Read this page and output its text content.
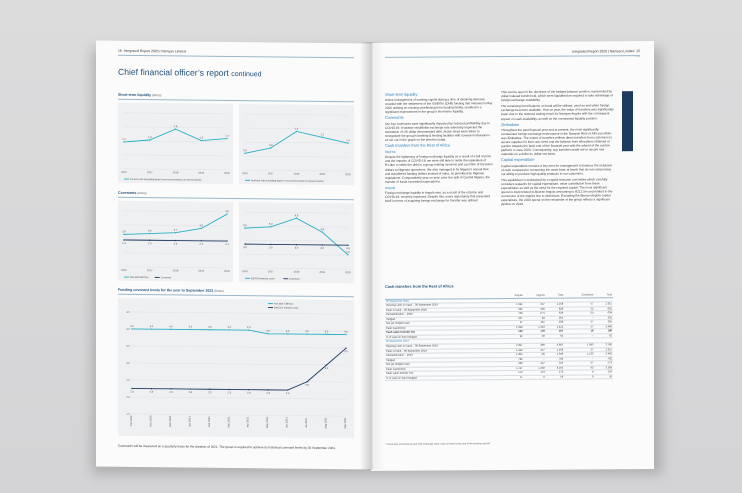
16 Integrated Report 2020 | Namyan Limited
Chief financial officer’s report continued
Short-term liquidity (times)
2016	2017	2018	2019	2020
1.2
1.3
1.8
1.3
1.4
Current ratio excluding liquid / non-current portion of reserve basins
2016	2017	2018	2019	2020
0.6
0.8
1.4
1.2
1.0
Acid test ratio excluding liquid / non-current portion of reserve basins
Covenants (times)
2016	2017	2018	2019	2020
2.9	3.0	3.1
3.5
4.8
2.4	2.4	2.4	2.4	2.4
Net debt:EBITDA	Covenant
2016	2017	2018	2019	2020
5.0	5.2
6.3
4.6
1.8
3.0	3.0	3.0	3.0	3.0
EBITDA:interest cover	Covenant
Funding covenant levels for the year to September 2021 (times)
1.5
2.0
2.5
3.0
3.5
4.0
4.5
Oct 2020	Nov 2020	Dec 2020	Jan 2021	Feb 2021	Mar 2021	Apr 2021	May 2021	Jun 2021	Jul 2021	Aug 2021	Sep 2021
4.0	4.0	4.0	4.0	4.0	4.0	4.0
3.9	3.9	3.9	3.9	3.9
2.3	2.3	2.3	2.3	2.3	2.3	2.3	2.3	2.3
2.5
3.0
3.5
Net debt: EBITDA
EBITDA: interest cover
Covenants will be measured on a quarterly basis for the duration of 2021. The group is required to achieve its historical covenant levels by 30 September 2021.
Integrated Report 2020 | Namyan Limited 15
Performance review
Short-term liquidity
Active management of working capital during a time of declining demand, coupled with the settlement of the US$97m (ZAR) funding that matured in May 2020 utilising an existing unreflecting term funding facility, resulted in a significant improvement in the group’s short-term liquidity.
Covenants
Our key covenants were significantly impacted by reduced profitability due to COVID-19. A weaker rand/dollar exchange rate adversely impacted the translation of US dollar denominated debt. Active steps were taken to renegotiate the group’s banking & lending facilities with covenant relaxations as set out in the graph on the previous page.
Cash transfers from the Rest of Africa
Nigeria
Despite the tightening of foreign exchange liquidity as a result of a fall of price and the impacts of COVID-19, we were still able to settle the equivalent of R1.4bn to settle the debt in a group making sessions and a portion of the Kano dollars to Nigerian operations. We also managed to fix Nigeria’s annual flow and transferred funding dollars instead of naira, as permitted by Nigerian regulations. Comparatively year on year, prior the split of Central Nigeria, the transfer of funds exceeded expectations.
Angola
Foreign exchange liquidity in Angola was, as a result of the oil price and COVID-19, severely impacted. Despite this, every opportunity that presented itself in terms of acquiring foreign exchange for transfer was utilised.
This can be seen in the decrease of the hedged balance position, represented by dollar indexed bonds held, which were liquidated as required to take advantage of foreign exchange availability.
The remaining bond balance on hand will be utilised, used as and when foreign exchange becomes available. Year on year, the value of transfers was significantly lower due to the reduced trading result for Namyan Angola with the consequent impact on cash availability, as well as the constrained liquidity position.
Zimbabwe
Throughout the past financial year and at present, the most significantly constrained foreign exchange environment in the Namyan Rest of Africa portfolio was Zimbabwe. The extent of transfers reflects direct transfers from customers to secure supplies for their own need and the balance from allocations obtained at auction towards the back end of the financial year with the advent of the auction platform in June 2020. Consequently, any transfers made are to secure raw materials on a dollar-in, dollar-out basis.
Capital expenditure
Capital expenditure remains a key area for management to balance the reduction of cash compared to conserving the asset base at levels that do not compromise our ability to produce high quality products to our customers.
This equilibrium is maintained by a capital resource committee which carefully considers requests for capital expenditure, value contribution from these expenditures as well as the need for the required capital. The most significant spend in 2020 related to Beeran Angola amounting to R212.5m and related to the conversion of the staples line to aluminium. Excluding the Beeran Angola capital expenditure, the 2020 spend on the remainder of the group reflects a significant decline on 2019.
Cash transfers from the Rest of Africa
	Angola	Nigeria	Total	Zimbabwe	Total
30 September 2020					
Opening cash on hand – 30 September 2019	1 041	217	1 258	57	1 315
Cash in bank – 30 September 2020	335	294	629	52	681
Reclassification – 2020	706	(77)	629	(5)	634
Hedged	207	84	291	–	291
Not yet hedged cash	27	211	238	57	295
Cash transferred	1 099	1 313	2 412	57	2 469
Cash value transfer (%)	100	178	187	16	180
% of cash on hand hedged	92	29	62	–	62
30 September 2019					
Opening cash on hand – 30 September 2018	2 397	390	2 687	1 093	3 780
Cash in bank – 30 September 2019	1 242	217	1 258	57	1 315
Reclassification – 2019	1 365	(8)	1 349	1 133	2 482
Hedged	782	–	782	–	782
Not yet hedged cash	299	217	516	57	573
Cash transferred	1 747	1 459	3 205	63	3 268
Cash value transfer (%)	172	173	173	4	159
% of cash on hand hedged	71	0	59	0	59
* Currencies converted at year-end exchange rates; cash on hand at the end of the previous period.
